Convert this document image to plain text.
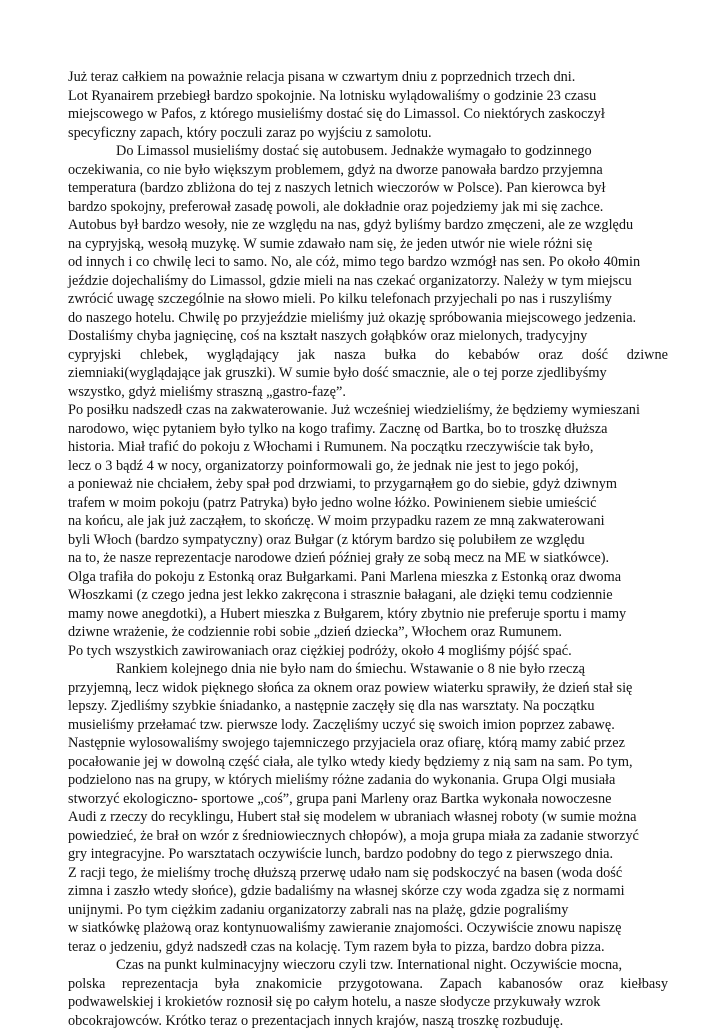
Już teraz całkiem na poważnie relacja pisana w czwartym dniu z poprzednich trzech dni.
Lot Ryanairem przebiegł bardzo spokojnie. Na lotnisku wylądowaliśmy o godzinie 23 czasu
miejscowego w Pafos, z którego musieliśmy dostać się do Limassol. Co niektórych zaskoczył
specyficzny zapach, który poczuli zaraz po wyjściu z samolotu.
Do Limassol musieliśmy dostać się autobusem. Jednakże wymagało to godzinnego
oczekiwania, co nie było większym problemem, gdyż na dworze panowała bardzo przyjemna
temperatura (bardzo zbliżona do tej z naszych letnich wieczorów w Polsce). Pan kierowca był
bardzo spokojny, preferował zasadę powoli, ale dokładnie oraz pojedziemy jak mi się zachce.
Autobus był bardzo wesoły, nie ze względu na nas, gdyż byliśmy bardzo zmęczeni, ale ze względu
na cypryjską, wesołą muzykę. W sumie zdawało nam się, że jeden utwór nie wiele różni się
od innych i co chwilę leci to samo. No, ale cóż, mimo tego bardzo wzmógł nas sen. Po około 40min
jeździe dojechaliśmy do Limassol, gdzie mieli na nas czekać organizatorzy. Należy w tym miejscu
zwrócić uwagę szczególnie na słowo mieli. Po kilku telefonach przyjechali po nas i ruszyliśmy
do naszego hotelu. Chwilę po przyjeździe mieliśmy już okazję spróbowania miejscowego jedzenia.
Dostaliśmy chyba jagnięcinę, coś na kształt naszych gołąbków oraz mielonych, tradycyjny
cypryjski chlebek, wyglądający jak nasza bułka do kebabów oraz dość dziwne
ziemniaki(wyglądające jak gruszki). W sumie było dość smacznie, ale o tej porze zjedlibyśmy
wszystko, gdyż mieliśmy straszną „gastro-fazę”.
Po posiłku nadszedł czas na zakwaterowanie. Już wcześniej wiedzieliśmy, że będziemy wymieszani
narodowo, więc pytaniem było tylko na kogo trafimy. Zacznę od Bartka, bo to troszkę dłuższa
historia. Miał trafić do pokoju z Włochami i Rumunem. Na początku rzeczywiście tak było,
lecz o 3 bądź 4 w nocy, organizatorzy poinformowali go, że jednak nie jest to jego pokój,
a ponieważ nie chciałem, żeby spał pod drzwiami, to przygarnąłem go do siebie, gdyż dziwnym
trafem w moim pokoju (patrz Patryka) było jedno wolne łóżko. Powinienem siebie umieścić
na końcu, ale jak już zacząłem, to skończę. W moim przypadku razem ze mną zakwaterowani
byli Włoch (bardzo sympatyczny) oraz Bułgar (z którym bardzo się polubiłem ze względu
na to, że nasze reprezentacje narodowe dzień później grały ze sobą mecz na ME w siatkówce).
Olga trafiła do pokoju z Estonką oraz Bułgarkami. Pani Marlena mieszka z Estonką oraz dwoma
Włoszkami (z czego jedna jest lekko zakręcona i strasznie bałagani, ale dzięki temu codziennie
mamy nowe anegdotki), a Hubert mieszka z Bułgarem, który zbytnio nie preferuje sportu i mamy
dziwne wrażenie, że codziennie robi sobie „dzień dziecka”, Włochem oraz Rumunem.
Po tych wszystkich zawirowaniach oraz ciężkiej podróży, około 4 mogliśmy pójść spać.
Rankiem kolejnego dnia nie było nam do śmiechu. Wstawanie o 8 nie było rzeczą
przyjemną, lecz widok pięknego słońca za oknem oraz powiew wiaterku sprawiły, że dzień stał się
lepszy. Zjedliśmy szybkie śniadanko, a następnie zaczęły się dla nas warsztaty. Na początku
musieliśmy przełamać tzw. pierwsze lody. Zaczęliśmy uczyć się swoich imion poprzez zabawę.
Następnie wylosowaliśmy swojego tajemniczego przyjaciela oraz ofiarę, którą mamy zabić przez
pocałowanie jej w dowolną część ciała, ale tylko wtedy kiedy będziemy z nią sam na sam. Po tym,
podzielono nas na grupy, w których mieliśmy różne zadania do wykonania. Grupa Olgi musiała
stworzyć ekologiczno- sportowe „coś”, grupa pani Marleny oraz Bartka wykonała nowoczesne
Audi z rzeczy do recyklingu, Hubert stał się modelem w ubraniach własnej roboty (w sumie można
powiedzieć, że brał on wzór z średniowiecznych chłopów), a moja grupa miała za zadanie stworzyć
gry integracyjne. Po warsztatach oczywiście lunch, bardzo podobny do tego z pierwszego dnia.
Z racji tego, że mieliśmy trochę dłuższą przerwę udało nam się podskoczyć na basen (woda dość
zimna i zaszło wtedy słońce), gdzie badaliśmy na własnej skórze czy woda zgadza się z normami
unijnymi. Po tym ciężkim zadaniu organizatorzy zabrali nas na plażę, gdzie pograliśmy
w siatkówkę plażową oraz kontynuowaliśmy zawieranie znajomości. Oczywiście znowu napiszę
teraz o jedzeniu, gdyż nadszedł czas na kolację. Tym razem była to pizza, bardzo dobra pizza.
Czas na punkt kulminacyjny wieczoru czyli tzw. International night. Oczywiście mocna,
polska reprezentacja była znakomicie przygotowana. Zapach kabanosów oraz kiełbasy
podwawelskiej i krokietów roznosił się po całym hotelu, a nasze słodycze przykuwały wzrok
obcokrajowców. Krótko teraz o prezentacjach innych krajów, naszą troszkę rozbuduję.
